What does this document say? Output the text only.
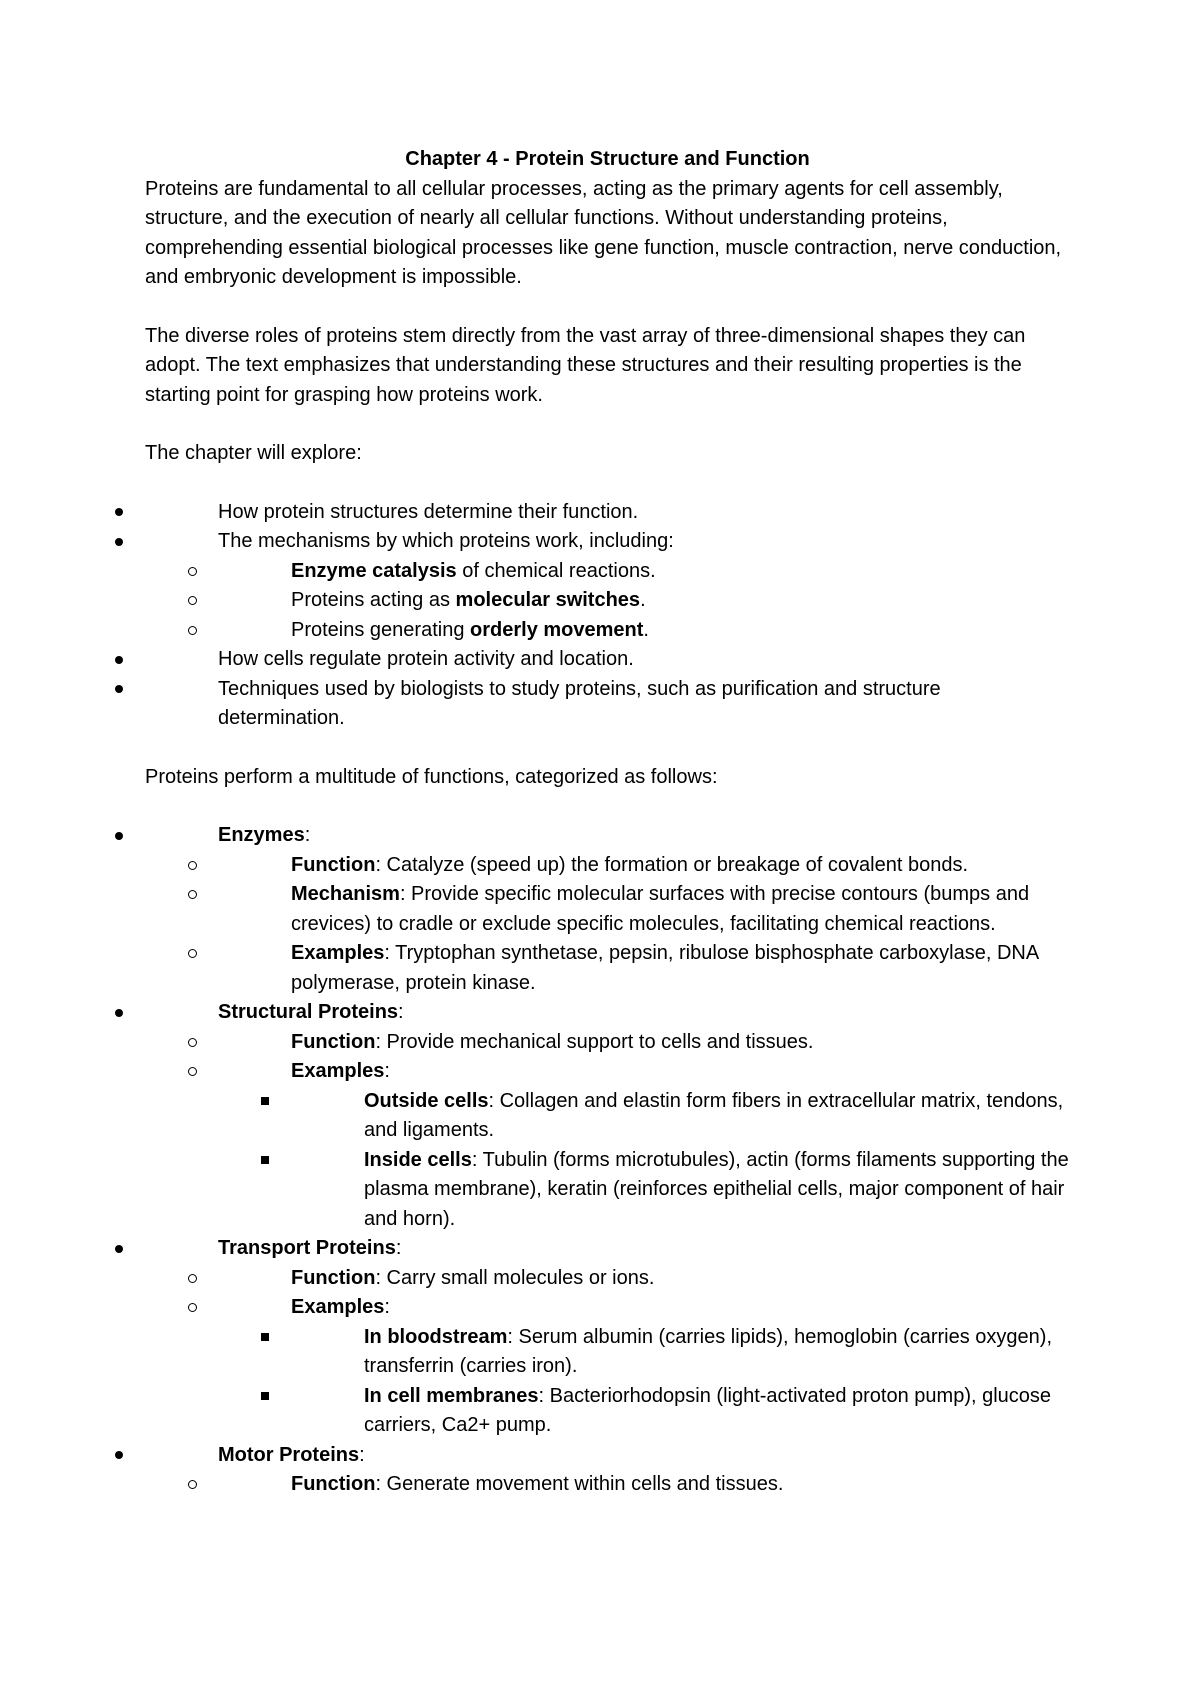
Chapter 4 - Protein Structure and Function

Proteins are fundamental to all cellular processes, acting as the primary agents for cell assembly, structure, and the execution of nearly all cellular functions. Without understanding proteins, comprehending essential biological processes like gene function, muscle contraction, nerve conduction, and embryonic development is impossible.

The diverse roles of proteins stem directly from the vast array of three-dimensional shapes they can adopt. The text emphasizes that understanding these structures and their resulting properties is the starting point for grasping how proteins work.

The chapter will explore:

How protein structures determine their function.
The mechanisms by which proteins work, including:
Enzyme catalysis of chemical reactions.
Proteins acting as molecular switches.
Proteins generating orderly movement.
How cells regulate protein activity and location.
Techniques used by biologists to study proteins, such as purification and structure determination.

Proteins perform a multitude of functions, categorized as follows:

Enzymes:
Function: Catalyze (speed up) the formation or breakage of covalent bonds.
Mechanism: Provide specific molecular surfaces with precise contours (bumps and crevices) to cradle or exclude specific molecules, facilitating chemical reactions.
Examples: Tryptophan synthetase, pepsin, ribulose bisphosphate carboxylase, DNA polymerase, protein kinase.
Structural Proteins:
Function: Provide mechanical support to cells and tissues.
Examples:
Outside cells: Collagen and elastin form fibers in extracellular matrix, tendons, and ligaments.
Inside cells: Tubulin (forms microtubules), actin (forms filaments supporting the plasma membrane), keratin (reinforces epithelial cells, major component of hair and horn).
Transport Proteins:
Function: Carry small molecules or ions.
Examples:
In bloodstream: Serum albumin (carries lipids), hemoglobin (carries oxygen), transferrin (carries iron).
In cell membranes: Bacteriorhodopsin (light-activated proton pump), glucose carriers, Ca2+ pump.
Motor Proteins:
Function: Generate movement within cells and tissues.
